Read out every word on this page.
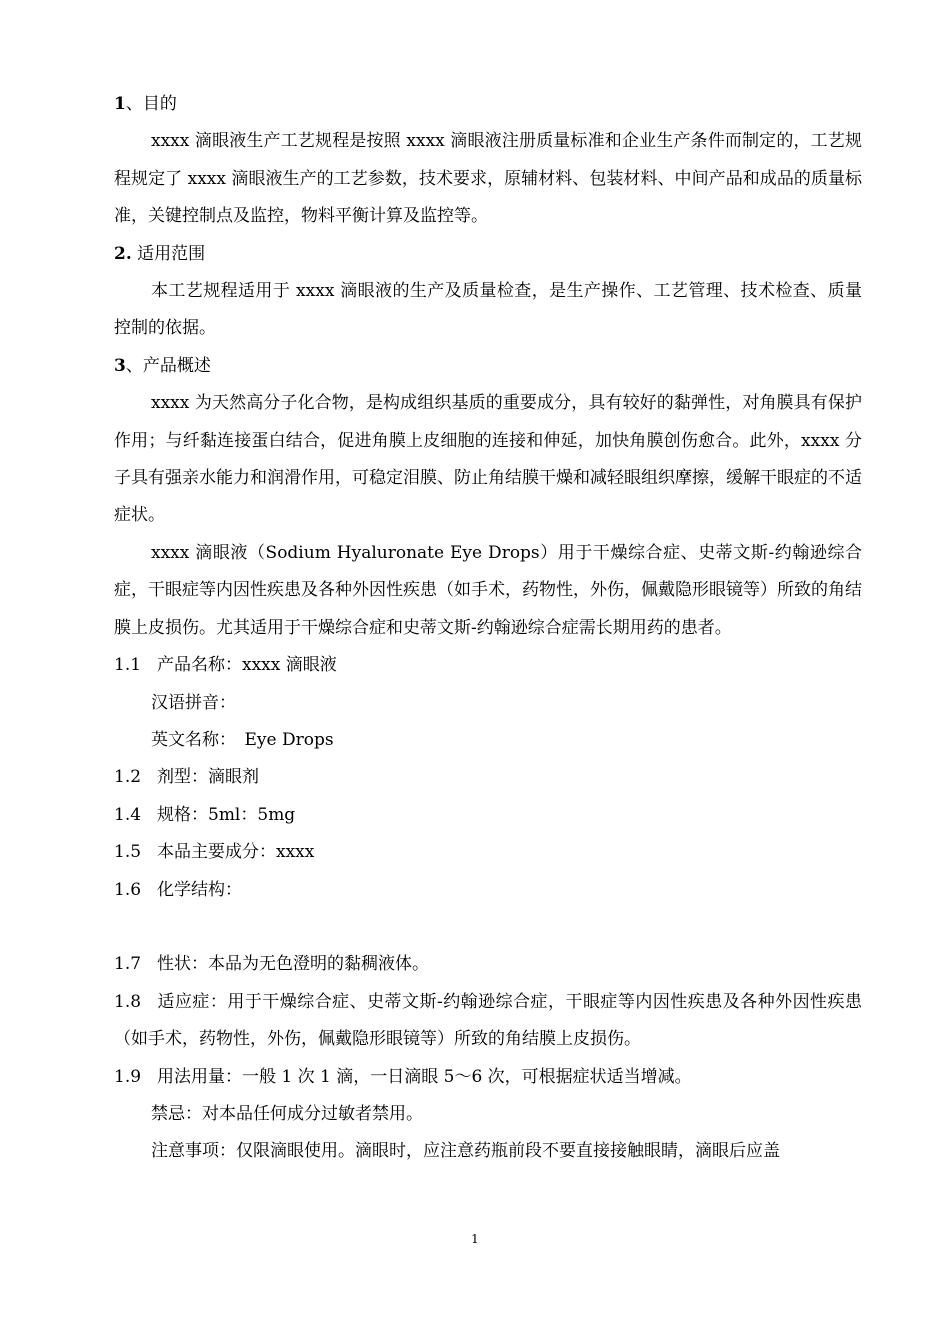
1、目的

xxxx 滴眼液生产工艺规程是按照 xxxx 滴眼液注册质量标准和企业生产条件而制定的，工艺规程规定了 xxxx 滴眼液生产的工艺参数，技术要求，原辅材料、包装材料、中间产品和成品的质量标准，关键控制点及监控，物料平衡计算及监控等。

2. 适用范围

本工艺规程适用于 xxxx 滴眼液的生产及质量检查，是生产操作、工艺管理、技术检查、质量控制的依据。

3、产品概述

xxxx 为天然高分子化合物，是构成组织基质的重要成分，具有较好的黏弹性，对角膜具有保护作用；与纤黏连接蛋白结合，促进角膜上皮细胞的连接和伸延，加快角膜创伤愈合。此外，xxxx 分子具有强亲水能力和润滑作用，可稳定泪膜、防止角结膜干燥和减轻眼组织摩擦，缓解干眼症的不适症状。

xxxx 滴眼液（Sodium Hyaluronate Eye Drops）用于干燥综合症、史蒂文斯-约翰逊综合症，干眼症等内因性疾患及各种外因性疾患（如手术，药物性，外伤，佩戴隐形眼镜等）所致的角结膜上皮损伤。尤其适用于干燥综合症和史蒂文斯-约翰逊综合症需长期用药的患者。

1.1 产品名称：xxxx 滴眼液

汉语拼音：

英文名称：　Eye Drops

1.2 剂型：滴眼剂

1.4 规格：5ml：5mg

1.5 本品主要成分：xxxx

1.6 化学结构：

1.7 性状：本品为无色澄明的黏稠液体。

1.8 适应症：用于干燥综合症、史蒂文斯-约翰逊综合症，干眼症等内因性疾患及各种外因性疾患（如手术，药物性，外伤，佩戴隐形眼镜等）所致的角结膜上皮损伤。

1.9 用法用量：一般 1 次 1 滴，一日滴眼 5～6 次，可根据症状适当增减。

禁忌：对本品任何成分过敏者禁用。

注意事项：仅限滴眼使用。滴眼时，应注意药瓶前段不要直接接触眼睛，滴眼后应盖

1
